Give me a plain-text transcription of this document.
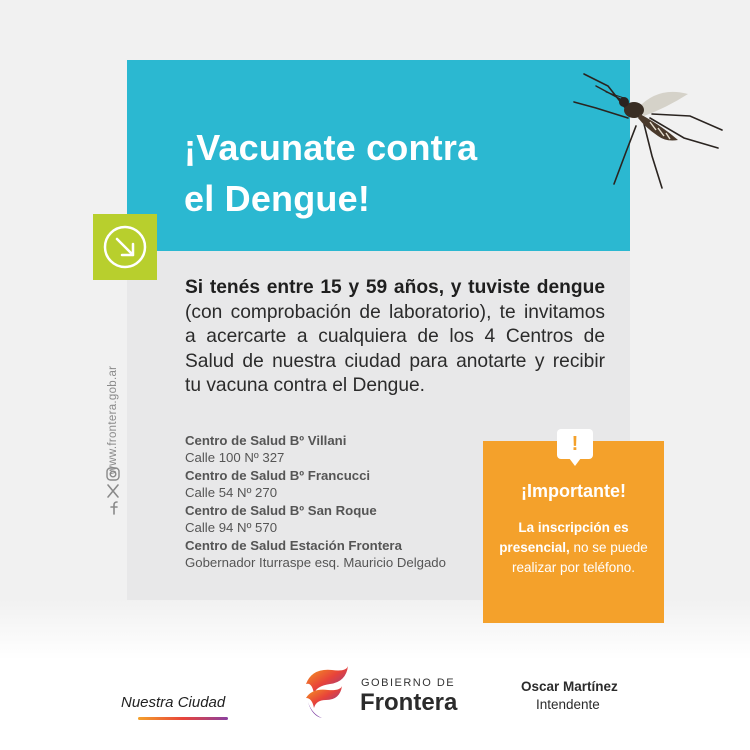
¡Vacunate contra
el Dengue!
Si tenés entre 15 y 59 años, y tuviste dengue (con comprobación de laboratorio), te invitamos a acercarte a cualquiera de los 4 Centros de Salud de nuestra ciudad para anotarte y recibir tu vacuna contra el Dengue.
Centro de Salud Bº Villani
Calle 100 Nº 327
Centro de Salud Bº Francucci
Calle 54 Nº 270
Centro de Salud Bº San Roque
Calle 94 Nº 570
Centro de Salud Estación Frontera
Gobernador Iturraspe esq. Mauricio Delgado
www.frontera.gob.ar	!
¡Importante!
La inscripción es presencial, no se puede realizar por teléfono.
Nuestra Ciudad
GOBIERNO DE
Frontera
Oscar Martínez
Intendente
